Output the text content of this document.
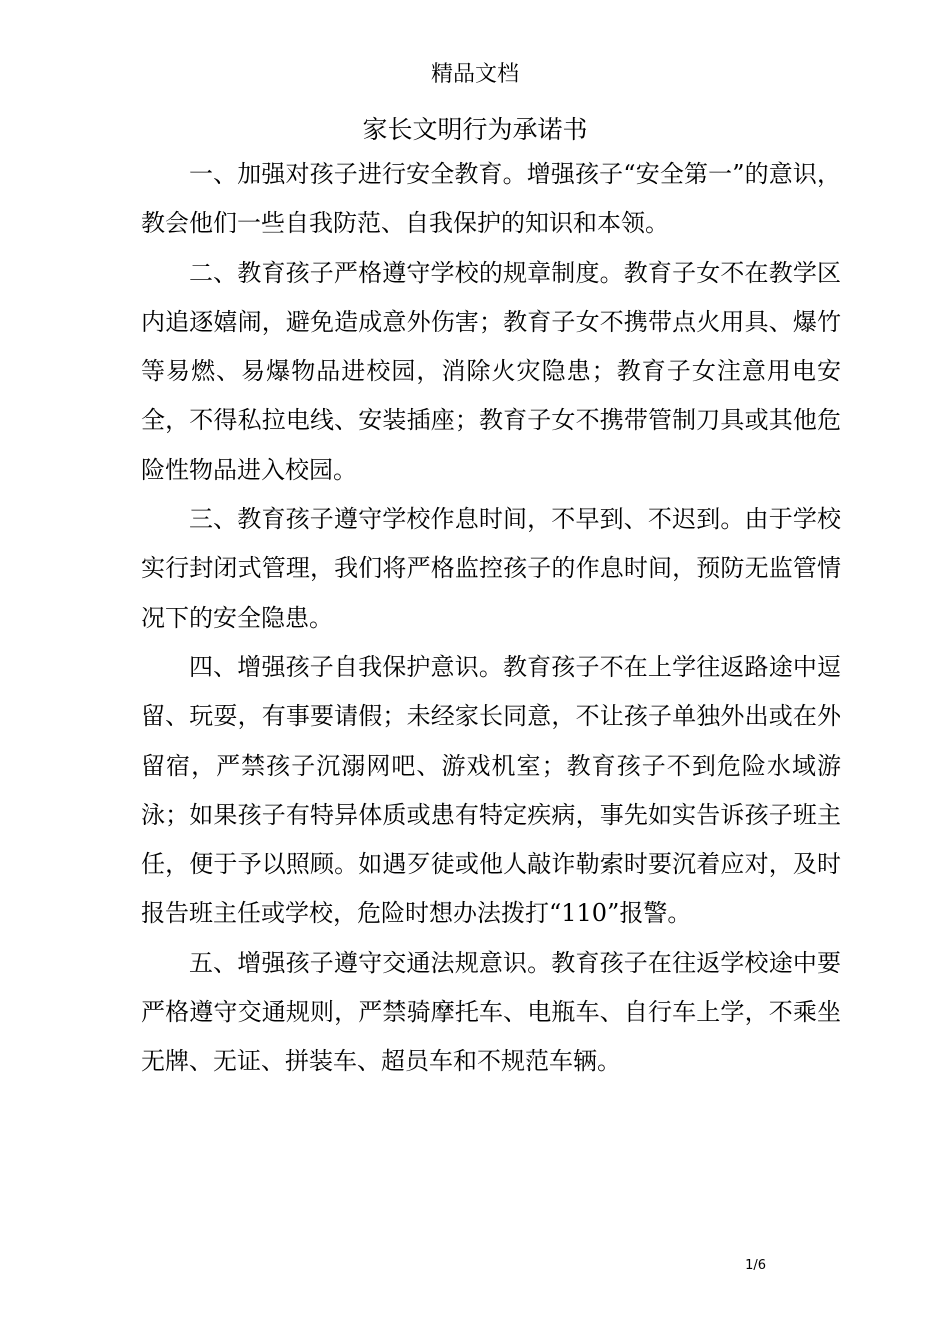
精品文档
家长文明行为承诺书

一、加强对孩子进行安全教育。增强孩子“安全第一”的意识，教会他们一些自我防范、自我保护的知识和本领。

二、教育孩子严格遵守学校的规章制度。教育子女不在教学区内追逐嬉闹，避免造成意外伤害；教育子女不携带点火用具、爆竹等易燃、易爆物品进校园，消除火灾隐患；教育子女注意用电安全，不得私拉电线、安装插座；教育子女不携带管制刀具或其他危险性物品进入校园。

三、教育孩子遵守学校作息时间，不早到、不迟到。由于学校实行封闭式管理，我们将严格监控孩子的作息时间，预防无监管情况下的安全隐患。

四、增强孩子自我保护意识。教育孩子不在上学往返路途中逗留、玩耍，有事要请假；未经家长同意，不让孩子单独外出或在外留宿，严禁孩子沉溺网吧、游戏机室；教育孩子不到危险水域游泳；如果孩子有特异体质或患有特定疾病，事先如实告诉孩子班主任，便于予以照顾。如遇歹徒或他人敲诈勒索时要沉着应对，及时报告班主任或学校，危险时想办法拨打“110”报警。

五、增强孩子遵守交通法规意识。教育孩子在往返学校途中要严格遵守交通规则，严禁骑摩托车、电瓶车、自行车上学，不乘坐无牌、无证、拼装车、超员车和不规范车辆。

1/6
